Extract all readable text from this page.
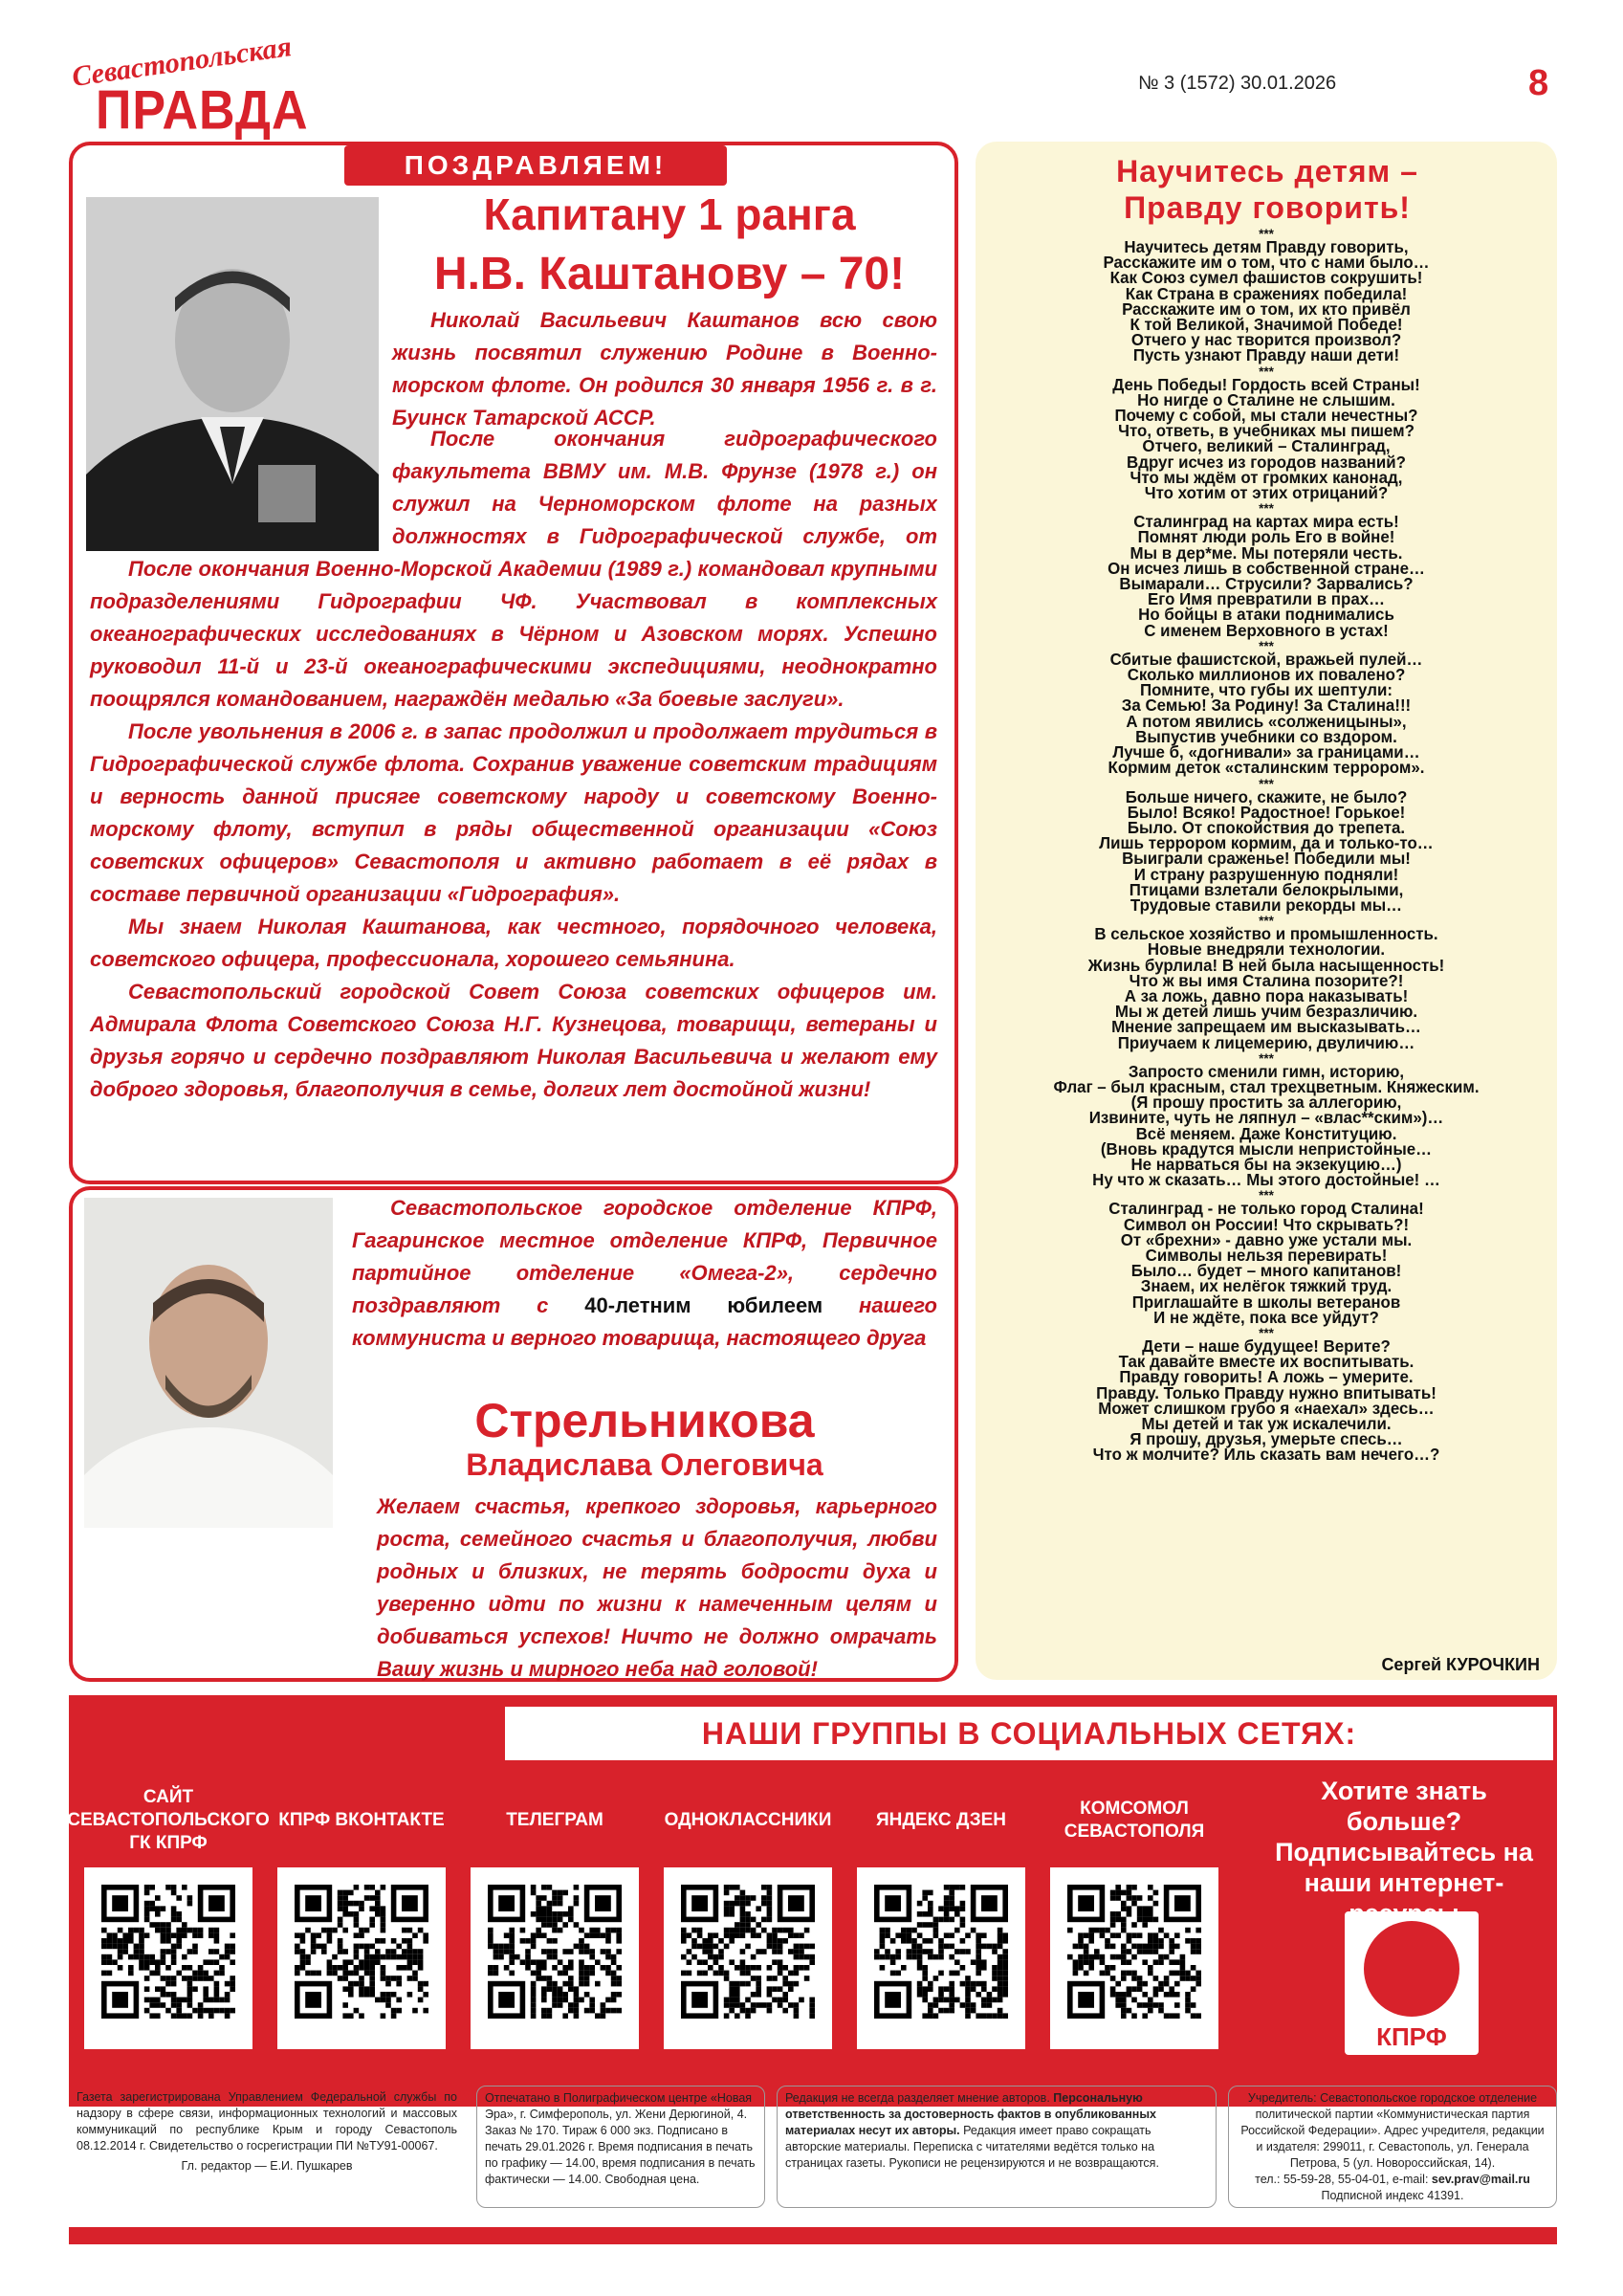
Севастопольская
ПРАВДА	№ 3 (1572) 30.01.2026	8
ПОЗДРАВЛЯЕМ!
Капитану 1 ранга
Н.В. Каштанову – 70!

Николай Васильевич Каштанов всю свою жизнь посвятил служению Родине в Военно-морском флоте. Он родился 30 января 1956 г. в г. Буинск Татарской АССР.

После окончания гидрографического факультета ВВМУ им. М.В. Фрунзе (1978 г.) он служил на Черноморском флоте на разных должностях в Гидрографической службе, от

После окончания Военно-Морской Академии (1989 г.) командовал крупными подразделениями Гидрографии ЧФ. Участвовал в комплексных океанографических исследованиях в Чёрном и Азовском морях. Успешно руководил 11-й и 23-й океанографическими экспедициями, неоднократно поощрялся командованием, награждён медалью «За боевые заслуги».

После увольнения в 2006 г. в запас продолжил и продолжает трудиться в Гидрографической службе флота. Сохранив уважение советским традициям и верность данной присяге советскому народу и советскому Военно-морскому флоту, вступил в ряды общественной организации «Союз советских офицеров» Севастополя и активно работает в её рядах в составе первичной организации «Гидрография».

Мы знаем Николая Каштанова, как честного, порядочного человека, советского офицера, профессионала, хорошего семьянина.

Севастопольский городской Совет Союза советских офицеров им. Адмирала Флота Советского Союза Н.Г. Кузнецова, товарищи, ветераны и друзья горячо и сердечно поздравляют Николая Васильевича и желают ему доброго здоровья, благополучия в семье, долгих лет достойной жизни!

Севастопольское городское отделение КПРФ, Гагаринское местное отделение КПРФ, Первичное партийное отделение «Омега-2», сердечно поздравляют с 40-летним юбилеем нашего коммуниста и верного товарища, настоящего друга

Стрельникова
Владислава Олеговича

Желаем счастья, крепкого здоровья, карьерного роста, семейного счастья и благополучия, любви родных и близких, не терять бодрости духа и уверенно идти по жизни к намеченным целям и добиваться успехов! Ничто не должно омрачать Вашу жизнь и мирного неба над головой!

Научитесь детям –
Правду говорить!
***
Научитесь детям Правду говорить,
Расскажите им о том, что с нами было…
Как Союз сумел фашистов сокрушить!
Как Страна в сражениях победила!
Расскажите им о том, их кто привёл
К той Великой, Значимой Победе!
Отчего у нас творится произвол?
Пусть узнают Правду наши дети!
***
День Победы! Гордость всей Страны!
Но нигде о Сталине не слышим.
Почему с собой, мы стали нечестны?
Что, ответь, в учебниках мы пишем?
Отчего, великий – Сталинград,
Вдруг исчез из городов названий?
Что мы ждём от громких канонад,
Что хотим от этих отрицаний?
***
Сталинград на картах мира есть!
Помнят люди роль Его в войне!
Мы в дер*ме. Мы потеряли честь.
Он исчез лишь в собственной стране…
Вымарали… Струсили? Зарвались?
Его Имя превратили в прах…
Но бойцы в атаки поднимались
С именем Верховного в устах!
***
Сбитые фашистской, вражьей пулей…
Сколько миллионов их повалено?
Помните, что губы их шептули:
За Семью! За Родину! За Сталина!!!
А потом явились «солженицыны»,
Выпустив учебники со вздором.
Лучше б, «догнивали» за границами…
Кормим деток «сталинским террором».
***
Больше ничего, скажите, не было?
Было! Всяко! Радостное! Горькое!
Было. От спокойствия до трепета.
Лишь террором кормим, да и только-то…
Выиграли сраженье! Победили мы!
И страну разрушенную подняли!
Птицами взлетали белокрылыми,
Трудовые ставили рекорды мы…
***
В сельское хозяйство и промышленность.
Новые внедряли технологии.
Жизнь бурлила! В ней была насыщенность!
Что ж вы имя Сталина позорите?!
А за ложь, давно пора наказывать!
Мы ж детей лишь учим безразличию.
Мнение запрещаем им высказывать…
Приучаем к лицемерию, двуличию…
***
Запросто сменили гимн, историю,
Флаг – был красным, стал трехцветным. Княжеским.
(Я прошу простить за аллегорию,
Извините, чуть не ляпнул – «влас**ским»)…
Всё меняем. Даже Конституцию.
(Вновь крадутся мысли непристойные…
Не нарваться бы на экзекуцию…)
Ну что ж сказать… Мы этого достойные! …
***
Сталинград - не только город Сталина!
Символ он России! Что скрывать?!
От «брехни» - давно уже устали мы.
Символы нельзя перевирать!
Было… будет – много капитанов!
Знаем, их нелёгок тяжкий труд.
Приглашайте в школы ветеранов
И не ждёте, пока все уйдут?
***
Дети – наше будущее! Верите?
Так давайте вместе их воспитывать.
Правду говорить! А ложь – умерите.
Правду. Только Правду нужно впитывать!
Может слишком грубо я «наехал» здесь…
Мы детей и так уж искалечили.
Я прошу, друзья, умерьте спесь…
Что ж молчите? Иль сказать вам нечего…?
Сергей КУРОЧКИН
НАШИ ГРУППЫ В СОЦИАЛЬНЫХ СЕТЯХ:
САЙТ СЕВАСТОПОЛЬСКОГО ГК КПРФ
КПРФ ВКОНТАКТЕ	ТЕЛЕГРАМ	ОДНОКЛАССНИКИ	ЯНДЕКС ДЗЕН
КОМСОМОЛ СЕВАСТОПОЛЯ
Хотите знать больше? Подписывайтесь на наши интернет-
КПРФ
Газета зарегистрирована Управлением Федеральной службы по надзору в сфере связи, информационных технологий и массовых коммуникаций по республике Крым и городу Севастополь 08.12.2014 г. Свидетельство о госрегистрации ПИ №ТУ91-00067.
Гл. редактор — Е.И. Пушкарев
Отпечатано в Полиграфическом центре «Новая Эра», г. Симферополь, ул. Жени Дерюгиной, 4. Заказ № 170. Тираж 6 000 экз. Подписано в печать 29.01.2026 г. Время подписания в печать по графику — 14.00, время подписания в печать фактически — 14.00. Свободная цена.
Редакция не всегда разделяет мнение авторов. Персональную ответственность за достоверность фактов в опубликованных материалах несут их авторы. Редакция имеет право сокращать авторские материалы. Переписка с читателями ведётся только на страницах газеты. Рукописи не рецензируются и не возвращаются.
Учредитель: Севастопольское городское отделение политической партии «Коммунистическая партия Российской Федерации». Адрес учредителя, редакции и издателя: 299011, г. Севастополь, ул. Генерала Петрова, 5 (ул. Новороссийская, 14).
тел.: 55-59-28, 55-04-01, e-mail: sev.prav@mail.ru
Подписной индекс 41391.
